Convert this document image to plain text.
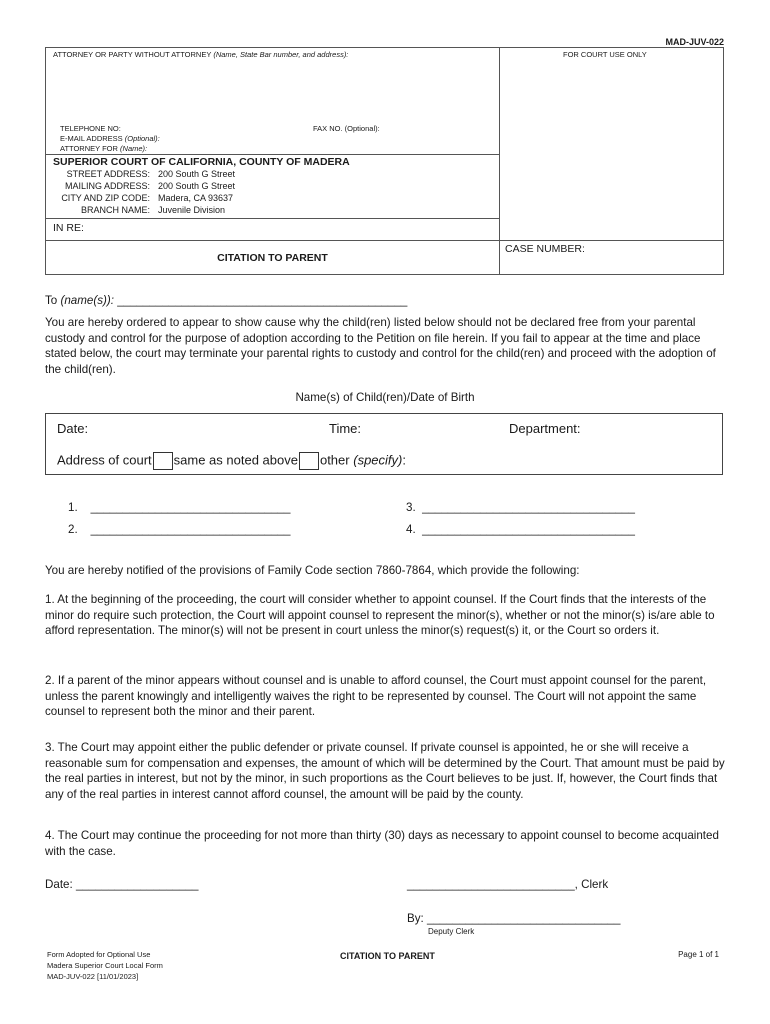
MAD-JUV-022
ATTORNEY OR PARTY WITHOUT ATTORNEY (Name, State Bar number, and address):	FOR COURT USE ONLY
TELEPHONE NO:	FAX NO. (Optional):
E-MAIL ADDRESS (Optional):
ATTORNEY FOR (Name):
SUPERIOR COURT OF CALIFORNIA, COUNTY OF MADERA
STREET ADDRESS: 200 South G Street
MAILING ADDRESS: 200 South G Street
CITY AND ZIP CODE: Madera, CA 93637
BRANCH NAME: Juvenile Division
IN RE:
CASE NUMBER:
CITATION TO PARENT
To (name(s)): _____________________________________________
You are hereby ordered to appear to show cause why the child(ren) listed below should not be declared free from your parental custody and control for the purpose of adoption according to the Petition on file herein. If you fail to appear at the time and place stated below, the court may terminate your parental rights to custody and control for the child(ren) and proceed with the adoption of the child(ren).
Name(s) of Child(ren)/Date of Birth
Date:	Time:	Department:
Address of court same as noted above other (specify):
1. _______________________________
2. _______________________________
3. _________________________________
4. _________________________________
You are hereby notified of the provisions of Family Code section 7860-7864, which provide the following:
1. At the beginning of the proceeding, the court will consider whether to appoint counsel. If the Court finds that the interests of the minor do require such protection, the Court will appoint counsel to represent the minor(s), whether or not the minor(s) is/are able to afford representation. The minor(s) will not be present in court unless the minor(s) request(s) it, or the Court so orders it.
2. If a parent of the minor appears without counsel and is unable to afford counsel, the Court must appoint counsel for the parent, unless the parent knowingly and intelligently waives the right to be represented by counsel. The Court will not appoint the same counsel to represent both the minor and their parent.
3. The Court may appoint either the public defender or private counsel. If private counsel is appointed, he or she will receive a reasonable sum for compensation and expenses, the amount of which will be determined by the Court. That amount must be paid by the real parties in interest, but not by the minor, in such proportions as the Court believes to be just. If, however, the Court finds that any of the real parties in interest cannot afford counsel, the amount will be paid by the county.
4. The Court may continue the proceeding for not more than thirty (30) days as necessary to appoint counsel to become acquainted with the case.
Date: ___________________	__________________________, Clerk
By: ______________________________
Deputy Clerk
Form Adopted for Optional Use
Madera Superior Court Local Form
MAD-JUV-022 [11/01/2023]
CITATION TO PARENT	Page 1 of 1
